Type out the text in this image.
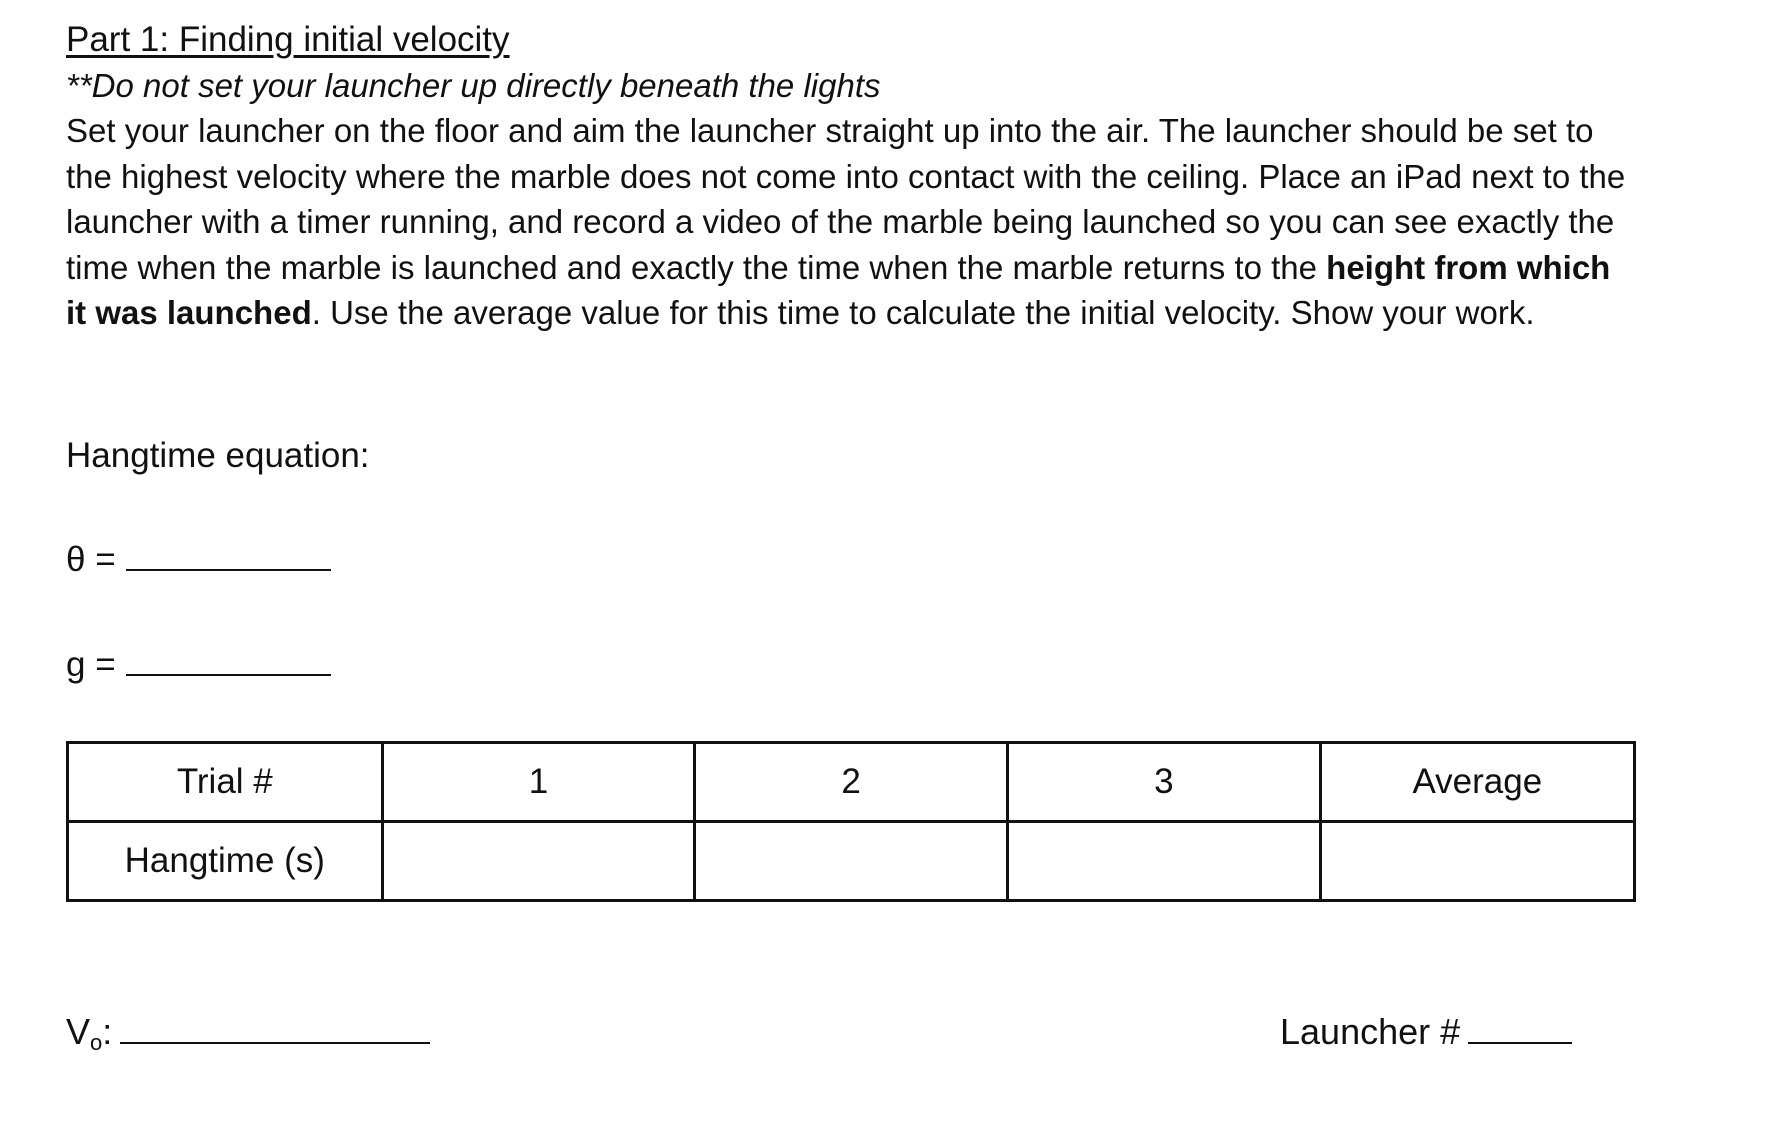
Part 1: Finding initial velocity

**Do not set your launcher up directly beneath the lights

Set your launcher on the floor and aim the launcher straight up into the air. The launcher should be set to the highest velocity where the marble does not come into contact with the ceiling. Place an iPad next to the launcher with a timer running, and record a video of the marble being launched so you can see exactly the time when the marble is launched and exactly the time when the marble returns to the height from which it was launched. Use the average value for this time to calculate the initial velocity. Show your work.

Hangtime equation:

θ =
g =
Trial #	1	2	3	Average
Hangtime (s)				
$V_o$:	Launcher #
